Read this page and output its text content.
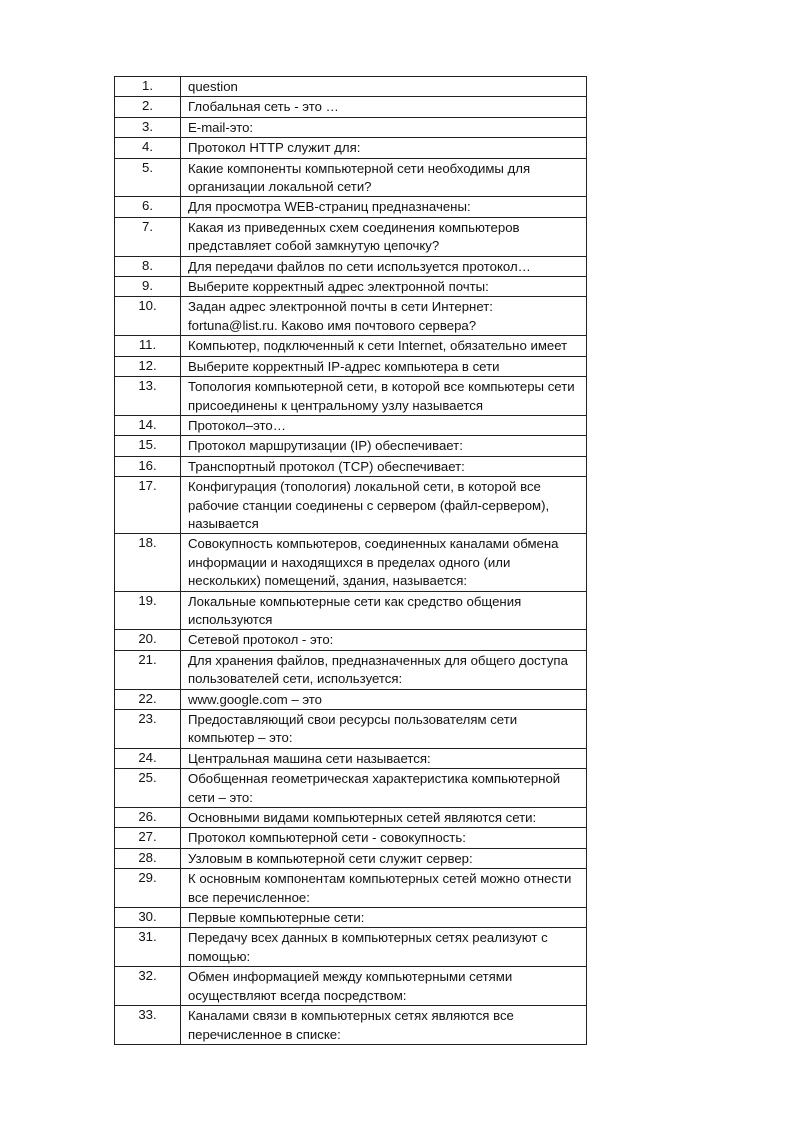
1.	question
2.	Глобальная сеть - это …
3.	E-mail-это:
4.	Протокол HTTP служит для:
5.	Какие компоненты компьютерной сети необходимы для организации локальной сети?
6.	Для просмотра WEB-страниц предназначены:
7.	Какая из приведенных схем соединения компьютеров представляет собой замкнутую цепочку?
8.	Для передачи файлов по сети используется протокол…
9.	Выберите корректный адрес электронной почты:
10.	Задан адрес электронной почты в сети Интернет: fortuna@list.ru. Каково имя почтового сервера?
11.	Компьютер, подключенный к сети Internet, обязательно имеет
12.	Выберите корректный IP-адрес компьютера в сети
13.	Топология компьютерной сети, в которой все компьютеры сети присоединены к центральному узлу называется
14.	Протокол–это…
15.	Протокол маршрутизации (IP) обеспечивает:
16.	Транспортный протокол (TCP) обеспечивает:
17.	Конфигурация (топология) локальной сети, в которой все рабочие станции соединены с сервером (файл-сервером), называется
18.	Совокупность компьютеров, соединенных каналами обмена информации и находящихся в пределах одного (или нескольких) помещений, здания, называется:
19.	Локальные компьютерные сети как средство общения используются
20.	Сетевой протокол - это:
21.	Для хранения файлов, предназначенных для общего доступа пользователей сети, используется:
22.	www.google.com – это
23.	Предоставляющий свои ресурсы пользователям сети компьютер – это:
24.	Центральная машина сети называется:
25.	Обобщенная геометрическая характеристика компьютерной сети – это:
26.	Основными видами компьютерных сетей являются сети:
27.	Протокол компьютерной сети - совокупность:
28.	Узловым в компьютерной сети служит сервер:
29.	К основным компонентам компьютерных сетей можно отнести все перечисленное:
30.	Первые компьютерные сети:
31.	Передачу всех данных в компьютерных сетях реализуют с помощью:
32.	Обмен информацией между компьютерными сетями осуществляют всегда посредством:
33.	Каналами связи в компьютерных сетях являются все перечисленное в списке:
